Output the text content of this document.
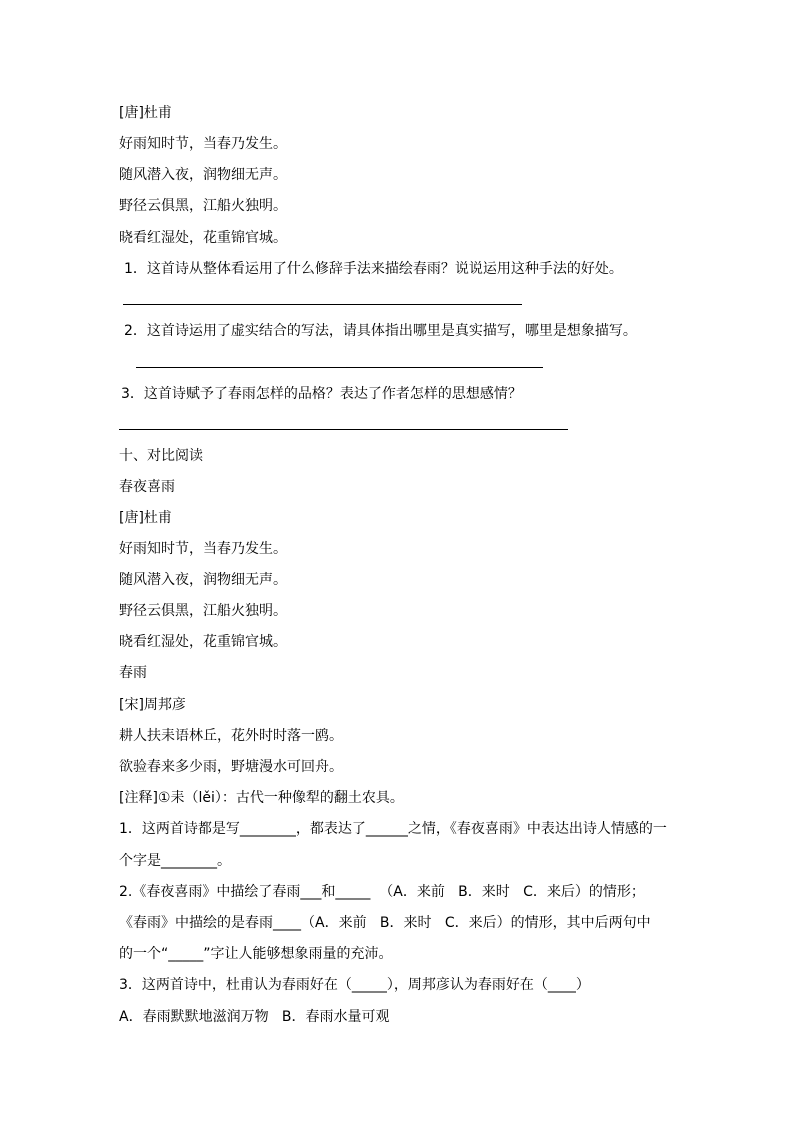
[唐]杜甫
好雨知时节，当春乃发生。
随风潜入夜，润物细无声。
野径云俱黑，江船火独明。
晓看红湿处，花重锦官城。
1．这首诗从整体看运用了什么修辞手法来描绘春雨？说说运用这种手法的好处。
2．这首诗运用了虚实结合的写法，请具体指出哪里是真实描写，哪里是想象描写。
3．这首诗赋予了春雨怎样的品格？表达了作者怎样的思想感情？
十、对比阅读
春夜喜雨
[唐]杜甫
好雨知时节，当春乃发生。
随风潜入夜，润物细无声。
野径云俱黑，江船火独明。
晓看红湿处，花重锦官城。
春雨
[宋]周邦彦
耕人扶耒语林丘，花外时时落一鸥。
欲验春来多少雨，野塘漫水可回舟。
[注释]①耒（lěi）：古代一种像犁的翻土农具。
1．这两首诗都是写________，都表达了______之情，《春夜喜雨》中表达出诗人情感的一
个字是________。
2.《春夜喜雨》中描绘了春雨___和_____  （A．来前   B．来时   C．来后）的情形；
《春雨》中描绘的是春雨____（A．来前   B．来时   C．来后）的情形，其中后两句中
的一个“_____”字让人能够想象雨量的充沛。
3．这两首诗中，杜甫认为春雨好在（_____），周邦彦认为春雨好在（____）
A．春雨默默地滋润万物   B．春雨水量可观
